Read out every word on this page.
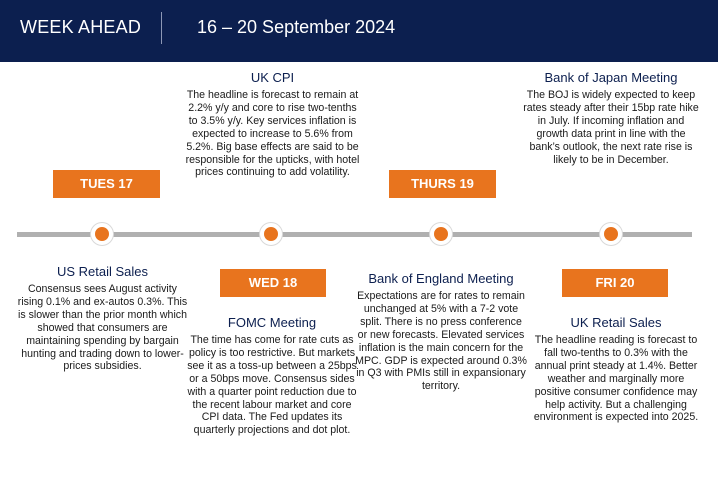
WEEK AHEAD	16 – 20 September 2024
UK CPI
The headline is forecast to remain at 2.2% y/y and core to rise two-tenths to 3.5% y/y. Key services inflation is expected to increase to 5.6% from 5.2%. Big base effects are said to be responsible for the upticks, with hotel prices continuing to add volatility.
Bank of Japan Meeting
The BOJ is widely expected to keep rates steady after their 15bp rate hike in July. If incoming inflation and growth data print in line with the bank’s outlook, the next rate rise is likely to be in December.
TUES 17	THURS 19
WED 18	FRI 20
US Retail Sales
Consensus sees August activity rising 0.1% and ex-autos 0.3%. This is slower than the prior month which showed that consumers are maintaining spending by bargain hunting and trading down to lower-prices subsidies.
Bank of England Meeting
Expectations are for rates to remain unchanged at 5% with a 7-2 vote split. There is no press conference or new forecasts. Elevated services inflation is the main concern for the MPC. GDP is expected around 0.3% in Q3 with PMIs still in expansionary territory.
FOMC Meeting
The time has come for rate cuts as policy is too restrictive. But markets see it as a toss-up between a 25bps or a 50bps move. Consensus sides with a quarter point reduction due to the recent labour market and core CPI data. The Fed updates its quarterly projections and dot plot.
UK Retail Sales
The headline reading is forecast to fall two-tenths to 0.3% with the annual print steady at 1.4%. Better weather and marginally more positive consumer confidence may help activity. But a challenging environment is expected into 2025.
